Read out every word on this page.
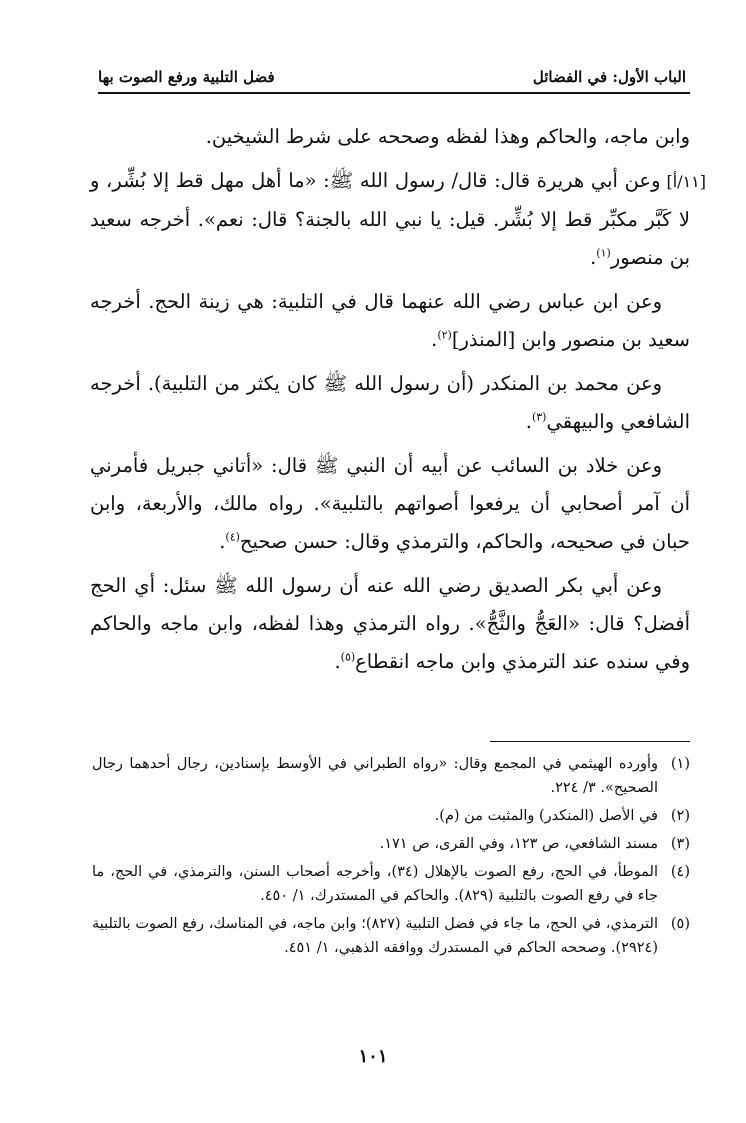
الباب الأول: في الفضائل
فضل التلبية ورفع الصوت بها

وابن ماجه، والحاكم وهذا لفظه وصححه على شرط الشيخين.

[١١/أ]وعن أبي هريرة قال: قال/ رسول الله ﷺ: «ما أهل مهل قط إلا بُشِّر، و لا كَبَّر مكبِّر قط إلا بُشِّر. قيل: يا نبي الله بالجنة؟ قال: نعم». أخرجه سعيد بن منصور$^{(١)}$.

وعن ابن عباس رضي الله عنهما قال في التلبية: هي زينة الحج. أخرجه سعيد بن منصور وابن [المنذر]$^{(٢)}$.

وعن محمد بن المنكدر (أن رسول الله ﷺ كان يكثر من التلبية). أخرجه الشافعي والبيهقي$^{(٣)}$.

وعن خلاد بن السائب عن أبيه أن النبي ﷺ قال: «أتاني جبريل فأمرني أن آمر أصحابي أن يرفعوا أصواتهم بالتلبية». رواه مالك، والأربعة، وابن حبان في صحيحه، والحاكم، والترمذي وقال: حسن صحيح$^{(٤)}$.

وعن أبي بكر الصديق رضي الله عنه أن رسول الله ﷺ سئل: أي الحج أفضل؟ قال: «العَجُّ والثَّجُّ». رواه الترمذي وهذا لفظه، وابن ماجه والحاكم وفي سنده عند الترمذي وابن ماجه انقطاع$^{(٥)}$.

(١)
وأورده الهيثمي في المجمع وقال: «رواه الطبراني في الأوسط بإسنادين، رجال أحدهما رجال الصحيح». ٣/ ٢٢٤.
(٢)
في الأصل (المنكدر) والمثبت من (م).
(٣)
مسند الشافعي، ص ١٢٣، وفي القرى، ص ١٧١.
(٤)
الموطأ، في الحج، رفع الصوت بالإهلال (٣٤)، وأخرجه أصحاب السنن، والترمذي، في الحج، ما جاء في رفع الصوت بالتلبية (٨٢٩). والحاكم في المستدرك، ١/ ٤٥٠.
(٥)
الترمذي، في الحج، ما جاء في فضل التلبية (٨٢٧)؛ وابن ماجه، في المناسك، رفع الصوت بالتلبية (٢٩٢٤). وصححه الحاكم في المستدرك ووافقه الذهبي، ١/ ٤٥١.
١٠١
